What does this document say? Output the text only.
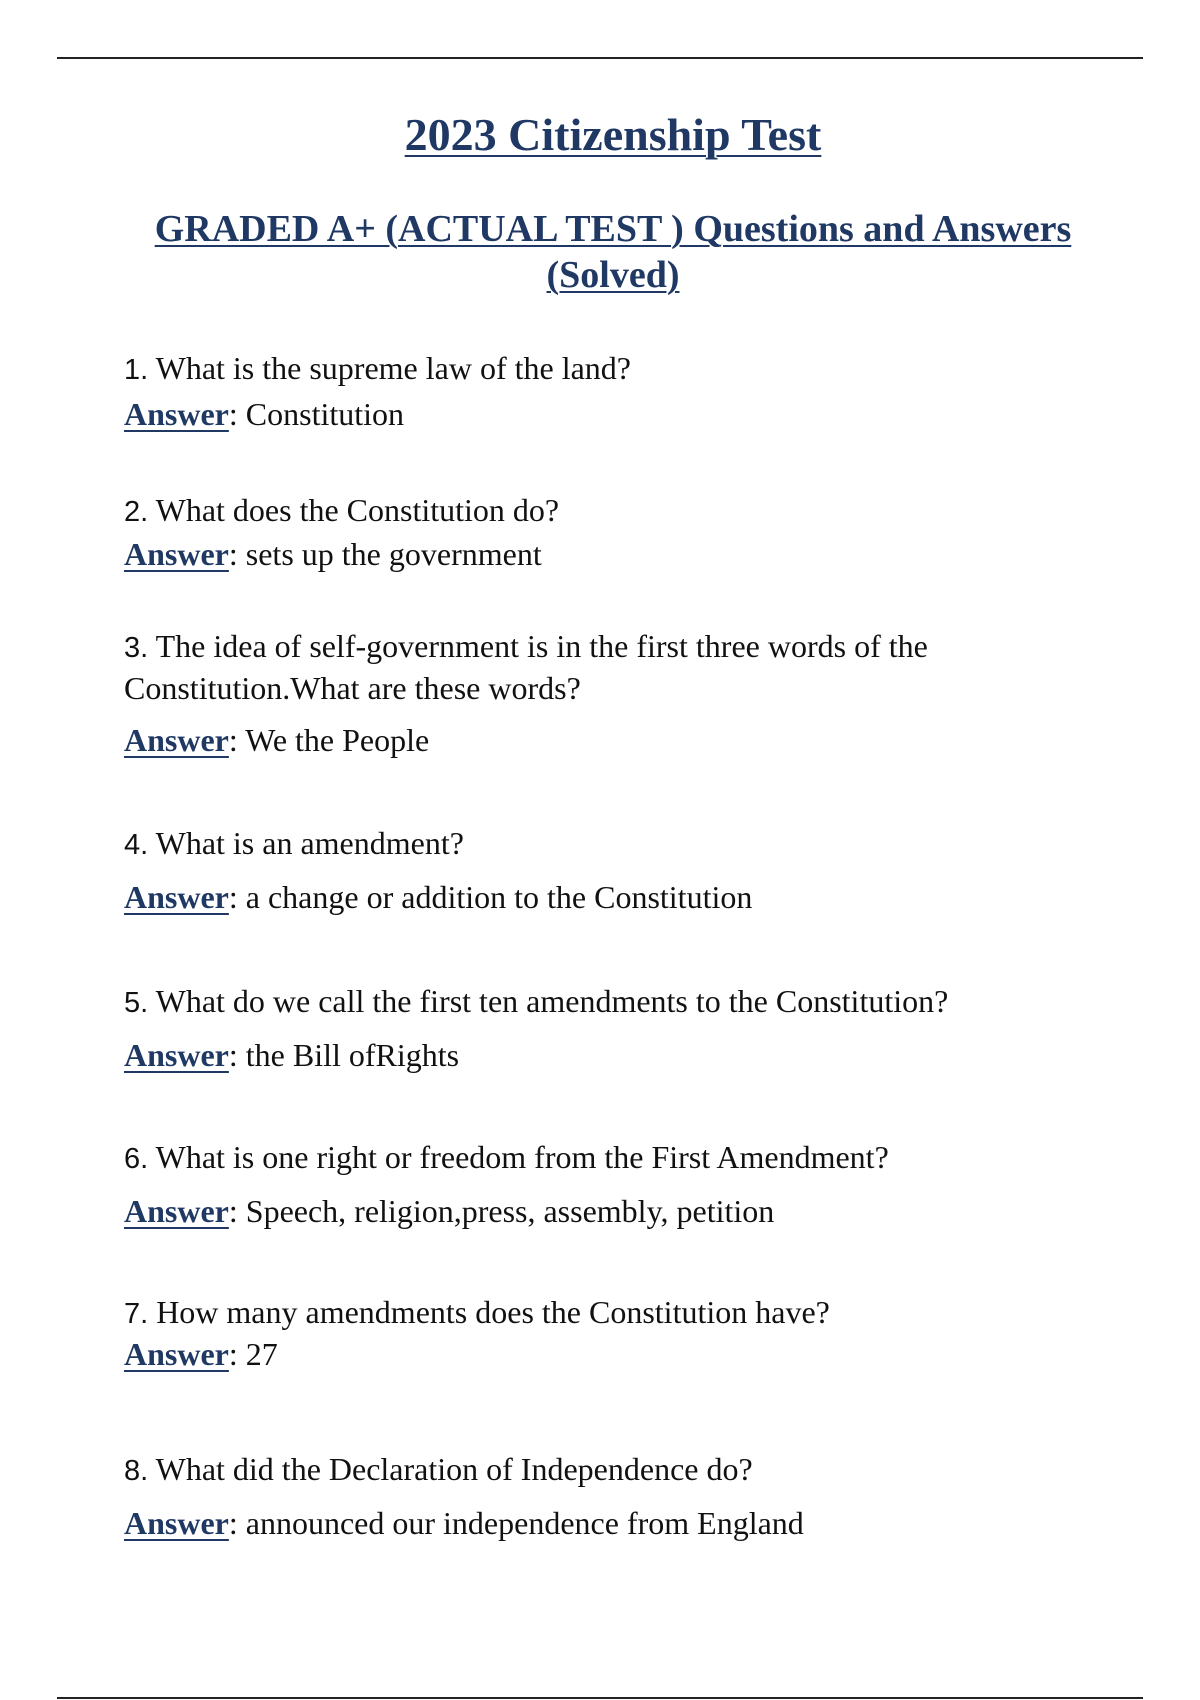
2023 Citizenship Test
GRADED A+ (ACTUAL TEST ) Questions and Answers (Solved)

1. What is the supreme law of the land?

Answer: Constitution

2. What does the Constitution do?

Answer: sets up the government

3. The idea of self-government is in the first three words of the Constitution.What are these words?

Answer: We the People

4. What is an amendment?

Answer: a change or addition to the Constitution

5. What do we call the first ten amendments to the Constitution?

Answer: the Bill ofRights

6. What is one right or freedom from the First Amendment?

Answer: Speech, religion,press, assembly, petition

7. How many amendments does the Constitution have?

Answer: 27

8. What did the Declaration of Independence do?

Answer: announced our independence from England
